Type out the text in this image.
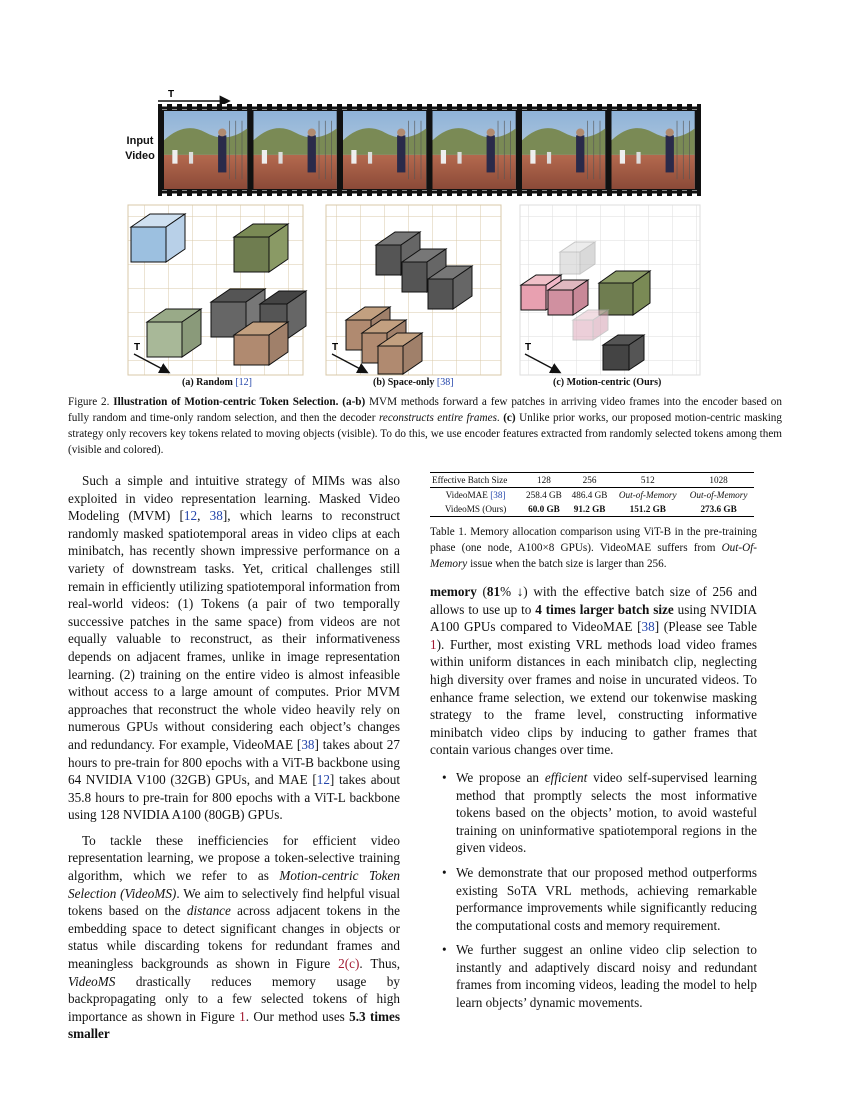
T
T	T	T
Input
Video
(a) Random [12]	(b) Space-only [38]	(c) Motion-centric (Ours)
Figure 2. Illustration of Motion-centric Token Selection. (a-b) MVM methods forward a few patches in arriving video frames into the encoder based on fully random and time-only random selection, and then the decoder reconstructs entire frames. (c) Unlike prior works, our proposed motion-centric masking strategy only recovers key tokens related to moving objects (visible). To do this, we use encoder features extracted from randomly selected tokens among them (visible and colored).

Such a simple and intuitive strategy of MIMs was also exploited in video representation learning. Masked Video Modeling (MVM) [12, 38], which learns to reconstruct randomly masked spatiotemporal areas in video clips at each minibatch, has recently shown impressive performance on a variety of downstream tasks. Yet, critical challenges still remain in efficiently utilizing spatiotemporal information from real-world videos: (1) Tokens (a pair of two temporally successive patches in the same space) from videos are not equally valuable to reconstruct, as their informativeness depends on adjacent frames, unlike in image representation learning. (2) training on the entire video is almost infeasible without access to a large amount of computes. Prior MVM approaches that reconstruct the whole video heavily rely on numerous GPUs without considering each object’s changes and redundancy. For example, VideoMAE [38] takes about 27 hours to pre-train for 800 epochs with a ViT-B backbone using 64 NVIDIA V100 (32GB) GPUs, and MAE [12] takes about 35.8 hours to pre-train for 800 epochs with a ViT-L backbone using 128 NVIDIA A100 (80GB) GPUs.

To tackle these inefficiencies for efficient video representation learning, we propose a token-selective training algorithm, which we refer to as Motion-centric Token Selection (VideoMS). We aim to selectively find helpful visual tokens based on the distance across adjacent tokens in the embedding space to detect significant changes in objects or status while discarding tokens for redundant frames and meaningless backgrounds as shown in Figure 2(c). Thus, VideoMS drastically reduces memory usage by backpropagating only to a few selected tokens of high importance as shown in Figure 1. Our method uses 5.3 times smaller

Effective Batch Size	128	256	512	1028
VideoMAE [38]	258.4 GB	486.4 GB	Out-of-Memory	Out-of-Memory
VideoMS (Ours)	60.0 GB	91.2 GB	151.2 GB	273.6 GB
Table 1. Memory allocation comparison using ViT-B in the pre-training phase (one node, A100×8 GPUs). VideoMAE suffers from Out-Of-Memory issue when the batch size is larger than 256.

memory (81% ↓) with the effective batch size of 256 and allows to use up to 4 times larger batch size using NVIDIA A100 GPUs compared to VideoMAE [38] (Please see Table 1). Further, most existing VRL methods load video frames within uniform distances in each minibatch clip, neglecting high diversity over frames and noise in uncurated videos. To enhance frame selection, we extend our tokenwise masking strategy to the frame level, constructing informative minibatch video clips by inducing to gather frames that contain various changes over time.

• We propose an efficient video self-supervised learning method that promptly selects the most informative tokens based on the objects’ motion, to avoid wasteful training on uninformative spatiotemporal regions in the given videos.
• We demonstrate that our proposed method outperforms existing SoTA VRL methods, achieving remarkable performance improvements while significantly reducing the computational costs and memory requirement.
• We further suggest an online video clip selection to instantly and adaptively discard noisy and redundant frames from incoming videos, leading the model to help learn objects’ dynamic movements.
